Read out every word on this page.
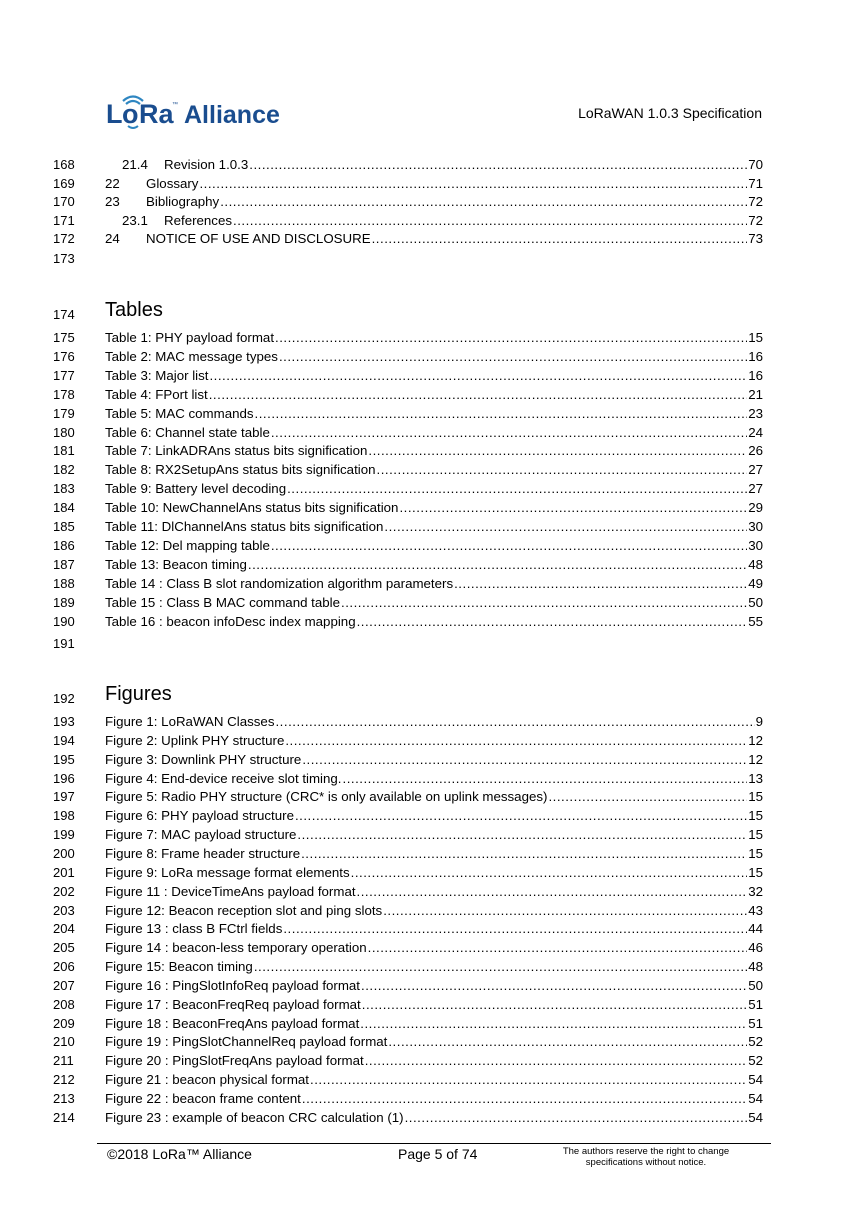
L o Ra
™ Alliance	LoRaWAN 1.0.3 Specification
168	21.4	Revision 1.0.3 .....	70
169	22	Glossary .....	71
170	23	Bibliography .....	72
171	23.1	References .....	72
172	24	NOTICE OF USE AND DISCLOSURE .....	73
173
174	Tables
175	Table 1: PHY payload format .....	15
176	Table 2: MAC message types .....	16
177	Table 3: Major list .....	16
178	Table 4: FPort list .....	21
179	Table 5: MAC commands .....	23
180	Table 6: Channel state table .....	24
181	Table 7: LinkADRAns status bits signification .....	26
182	Table 8: RX2SetupAns status bits signification .....	27
183	Table 9: Battery level decoding .....	27
184	Table 10: NewChannelAns status bits signification .....	29
185	Table 11: DlChannelAns status bits signification .....	30
186	Table 12: Del mapping table .....	30
187	Table 13: Beacon timing .....	48
188	Table 14 : Class B slot randomization algorithm parameters .....	49
189	Table 15 : Class B MAC command table .....	50
190	Table 16 : beacon infoDesc index mapping .....	55
191
192	Figures
193	Figure 1: LoRaWAN Classes .....	9
194	Figure 2: Uplink PHY structure .....	12
195	Figure 3: Downlink PHY structure .....	12
196	Figure 4: End-device receive slot timing. .....	13
197	Figure 5: Radio PHY structure (CRC* is only available on uplink messages) .....	15
198	Figure 6: PHY payload structure .....	15
199	Figure 7: MAC payload structure .....	15
200	Figure 8: Frame header structure .....	15
201	Figure 9: LoRa message format elements .....	15
202	Figure 11 : DeviceTimeAns payload format .....	32
203	Figure 12: Beacon reception slot and ping slots .....	43
204	Figure 13 : class B FCtrl fields .....	44
205	Figure 14 : beacon-less temporary operation .....	46
206	Figure 15: Beacon timing .....	48
207	Figure 16 : PingSlotInfoReq payload format .....	50
208	Figure 17 : BeaconFreqReq payload format .....	51
209	Figure 18 : BeaconFreqAns payload format .....	51
210	Figure 19 : PingSlotChannelReq payload format .....	52
211	Figure 20 : PingSlotFreqAns payload format .....	52
212	Figure 21 : beacon physical format .....	54
213	Figure 22 : beacon frame content .....	54
214	Figure 23 : example of beacon CRC calculation (1) .....	54
©2018 LoRa™ Alliance	Page 5 of 74	The authors reserve the right to change
specifications without notice.
